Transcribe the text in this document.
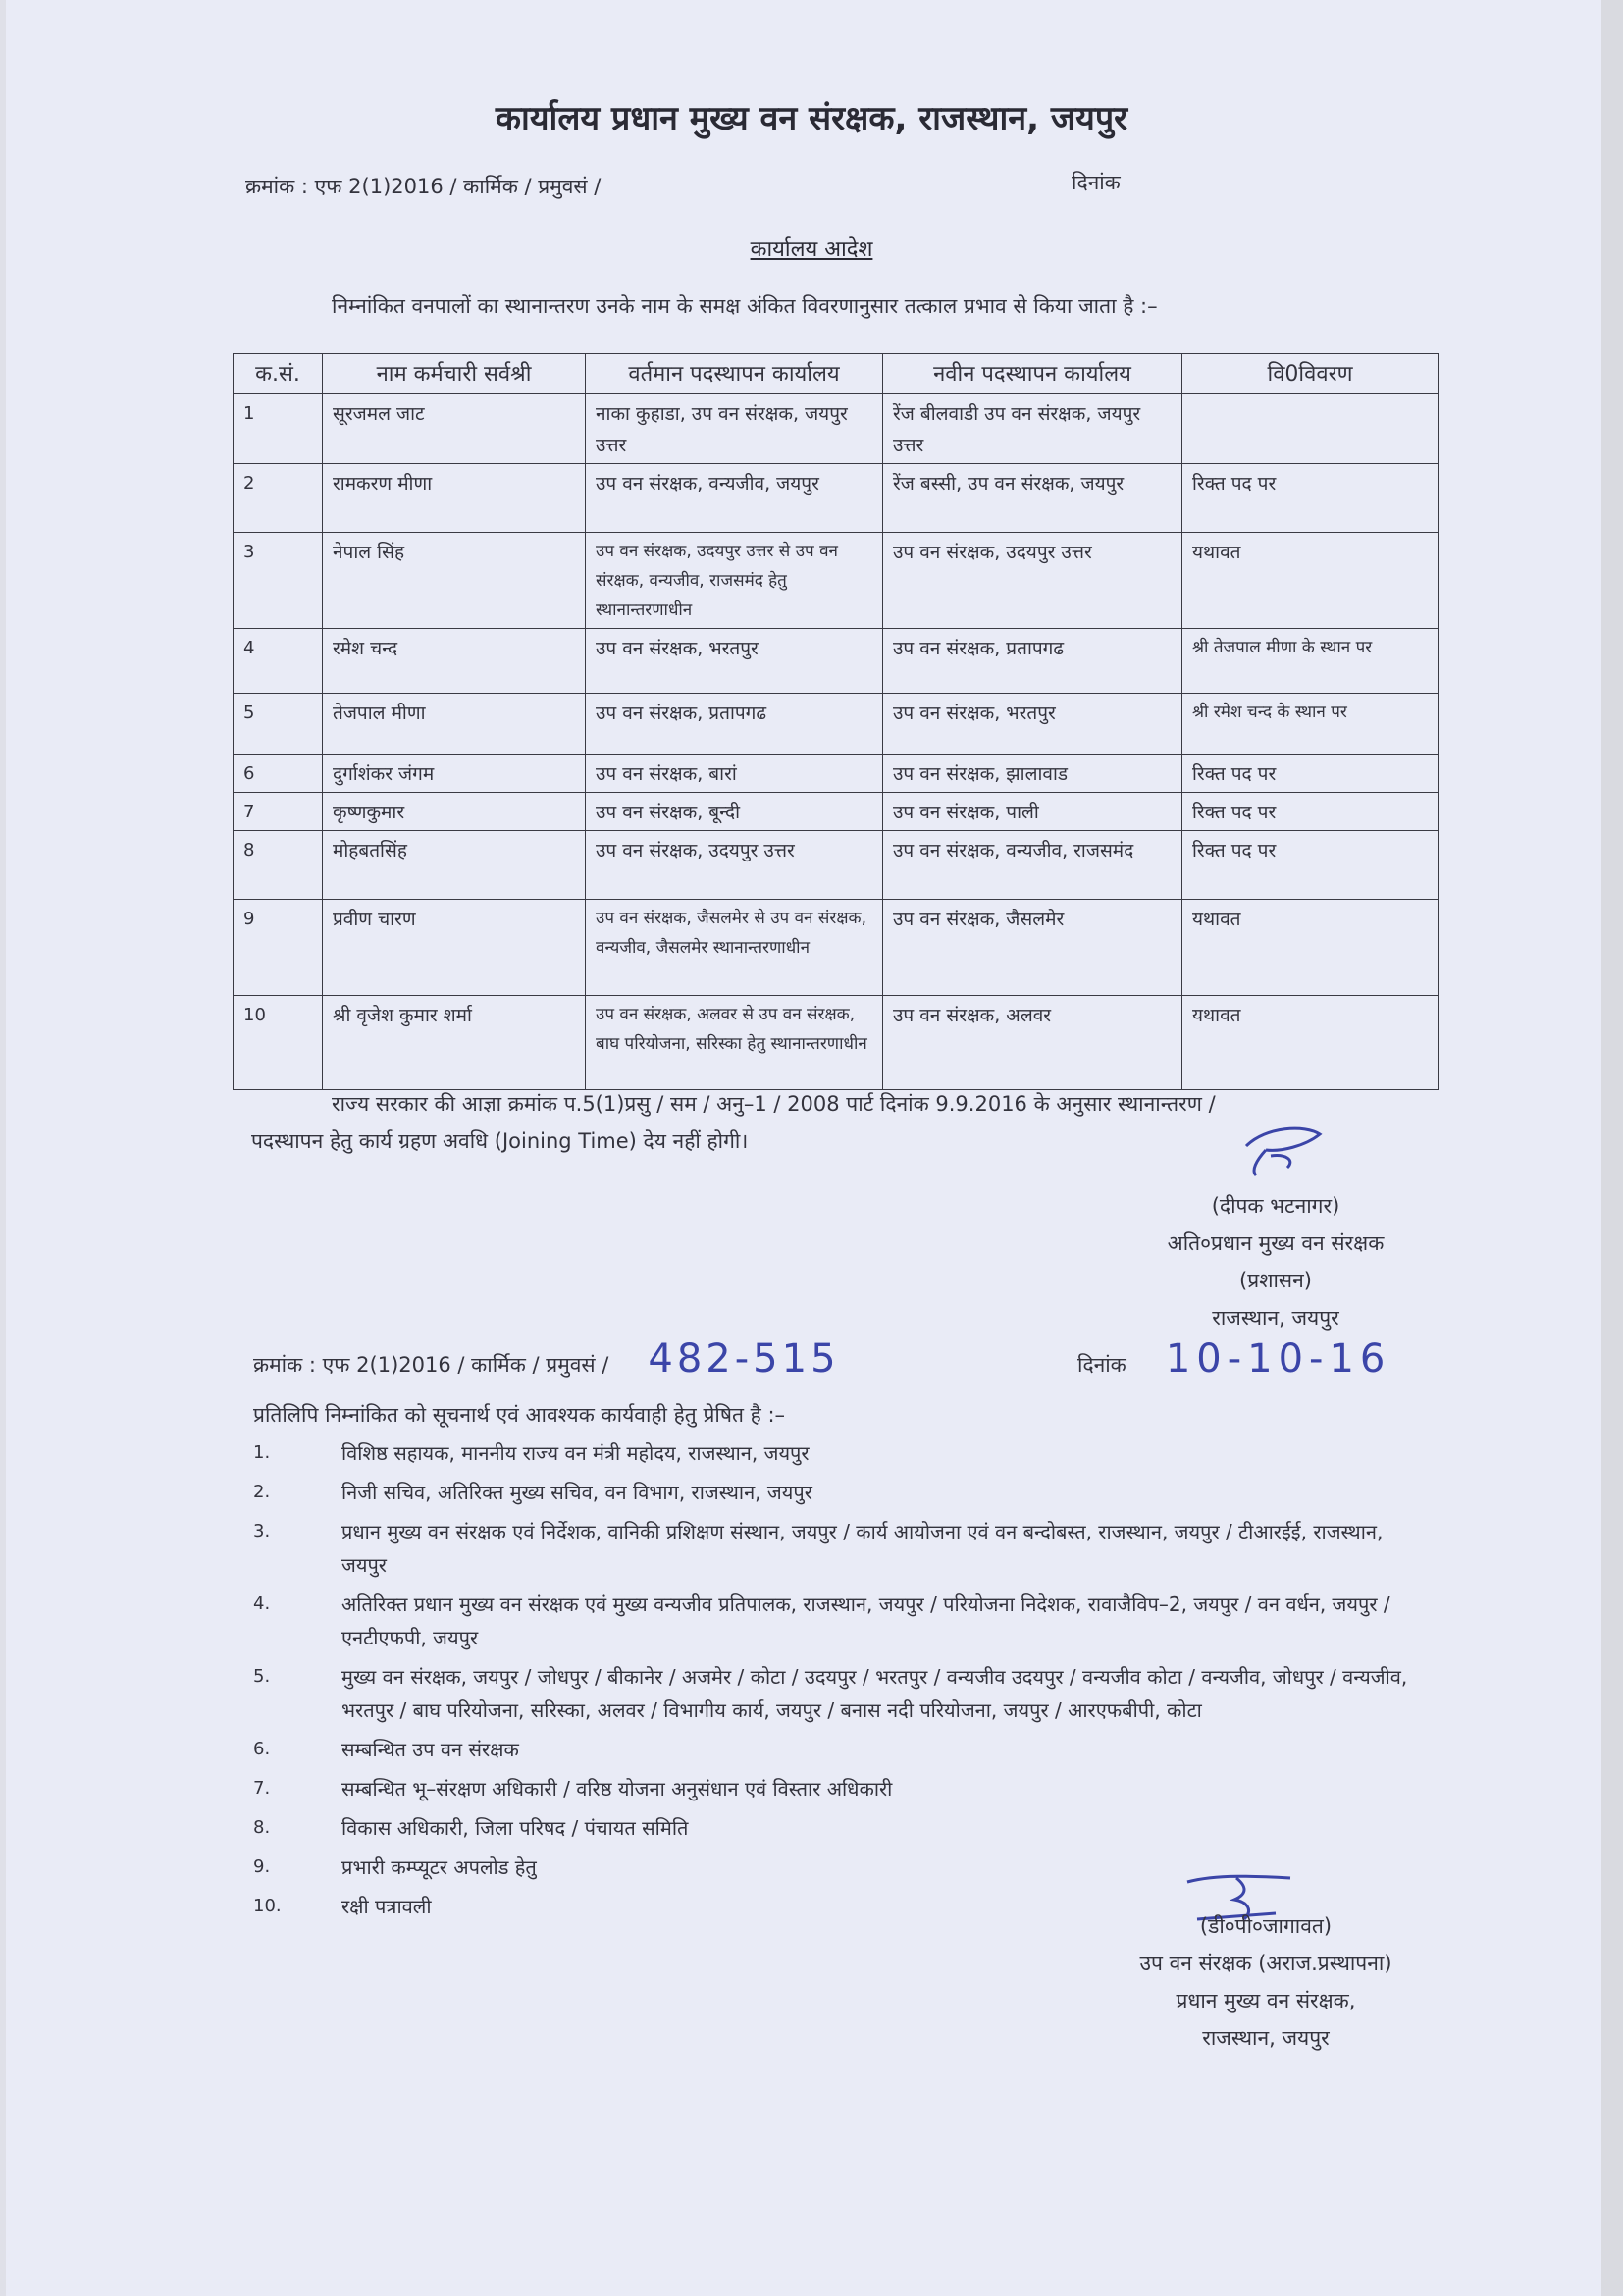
कार्यालय प्रधान मुख्य वन संरक्षक, राजस्थान, जयपुर
क्रमांक : एफ 2(1)2016 / कार्मिक / प्रमुवसं /	दिनांक
कार्यालय आदेश
निम्नांकित वनपालों का स्थानान्तरण उनके नाम के समक्ष अंकित विवरणानुसार तत्काल प्रभाव से किया जाता है :–
क.सं.	नाम कर्मचारी सर्वश्री	वर्तमान पदस्थापन कार्यालय	नवीन पदस्थापन कार्यालय	वि0विवरण
1	सूरजमल जाट	नाका कुहाडा, उप वन संरक्षक, जयपुर उत्तर	रेंज बीलवाडी उप वन संरक्षक, जयपुर उत्तर	
2	रामकरण मीणा	उप वन संरक्षक, वन्यजीव, जयपुर	रेंज बस्सी, उप वन संरक्षक, जयपुर	रिक्त पद पर
3	नेपाल सिंह	उप वन संरक्षक, उदयपुर उत्तर से उप वन संरक्षक, वन्यजीव, राजसमंद हेतु स्थानान्तरणाधीन	उप वन संरक्षक, उदयपुर उत्तर	यथावत
4	रमेश चन्द	उप वन संरक्षक, भरतपुर	उप वन संरक्षक, प्रतापगढ	श्री तेजपाल मीणा के स्थान पर
5	तेजपाल मीणा	उप वन संरक्षक, प्रतापगढ	उप वन संरक्षक, भरतपुर	श्री रमेश चन्द के स्थान पर
6	दुर्गाशंकर जंगम	उप वन संरक्षक, बारां	उप वन संरक्षक, झालावाड	रिक्त पद पर
7	कृष्णकुमार	उप वन संरक्षक, बून्दी	उप वन संरक्षक, पाली	रिक्त पद पर
8	मोहबतसिंह	उप वन संरक्षक, उदयपुर उत्तर	उप वन संरक्षक, वन्यजीव, राजसमंद	रिक्त पद पर
9	प्रवीण चारण	उप वन संरक्षक, जैसलमेर से उप वन संरक्षक, वन्यजीव, जैसलमेर स्थानान्तरणाधीन	उप वन संरक्षक, जैसलमेर	यथावत
10	श्री वृजेश कुमार शर्मा	उप वन संरक्षक, अलवर से उप वन संरक्षक, बाघ परियोजना, सरिस्का हेतु स्थानान्तरणाधीन	उप वन संरक्षक, अलवर	यथावत
राज्य सरकार की आज्ञा क्रमांक प.5(1)प्रसु / सम / अनु–1 / 2008 पार्ट दिनांक 9.9.2016 के अनुसार स्थानान्तरण /
पदस्थापन हेतु कार्य ग्रहण अवधि (Joining Time) देय नहीं होगी।
(दीपक भटनागर)
अति०प्रधान मुख्य वन संरक्षक
(प्रशासन)
राजस्थान, जयपुर
क्रमांक : एफ 2(1)2016 / कार्मिक / प्रमुवसं / 482-515	दिनांक 10-10-16
प्रतिलिपि निम्नांकित को सूचनार्थ एवं आवश्यक कार्यवाही हेतु प्रेषित है :–
1.	विशिष्ठ सहायक, माननीय राज्य वन मंत्री महोदय, राजस्थान, जयपुर
2.	निजी सचिव, अतिरिक्त मुख्य सचिव, वन विभाग, राजस्थान, जयपुर
3.	प्रधान मुख्य वन संरक्षक एवं निर्देशक, वानिकी प्रशिक्षण संस्थान, जयपुर / कार्य आयोजना एवं वन बन्दोबस्त, राजस्थान, जयपुर / टीआरईई, राजस्थान, जयपुर
4.	अतिरिक्त प्रधान मुख्य वन संरक्षक एवं मुख्य वन्यजीव प्रतिपालक, राजस्थान, जयपुर / परियोजना निदेशक, रावाजैविप–2, जयपुर / वन वर्धन, जयपुर / एनटीएफपी, जयपुर
5.	मुख्य वन संरक्षक, जयपुर / जोधपुर / बीकानेर / अजमेर / कोटा / उदयपुर / भरतपुर / वन्यजीव उदयपुर / वन्यजीव कोटा / वन्यजीव, जोधपुर / वन्यजीव, भरतपुर / बाघ परियोजना, सरिस्का, अलवर / विभागीय कार्य, जयपुर / बनास नदी परियोजना, जयपुर / आरएफबीपी, कोटा
6.	सम्बन्धित उप वन संरक्षक
7.	सम्बन्धित भू–संरक्षण अधिकारी / वरिष्ठ योजना अनुसंधान एवं विस्तार अधिकारी
8.	विकास अधिकारी, जिला परिषद / पंचायत समिति
9.	प्रभारी कम्प्यूटर अपलोड हेतु
10.	रक्षी पत्रावली
(डी०पी०जागावत)
उप वन संरक्षक (अराज.प्रस्थापना)
प्रधान मुख्य वन संरक्षक,
राजस्थान, जयपुर
